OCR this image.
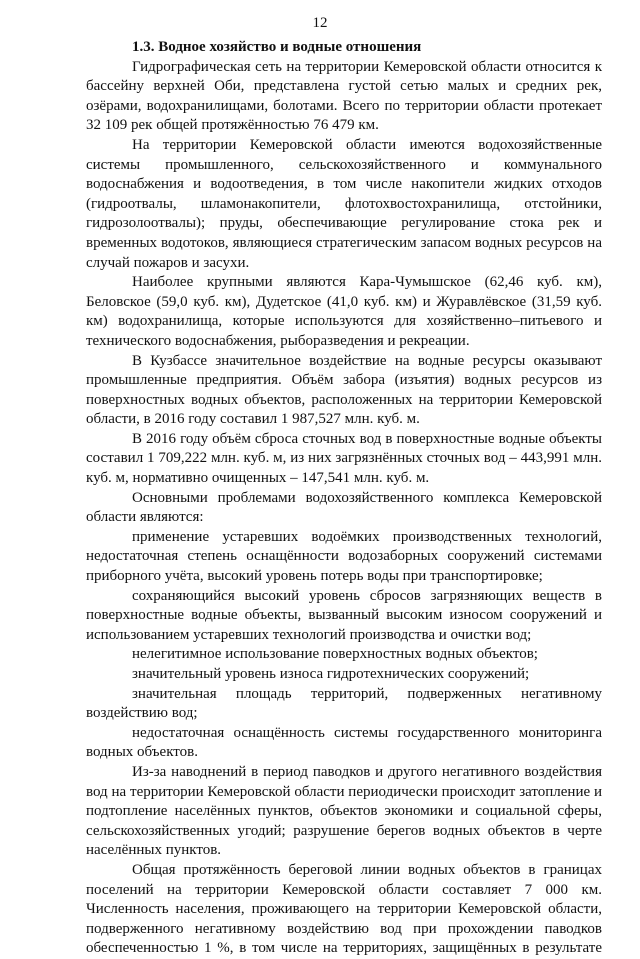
12

1.3. Водное хозяйство и водные отношения

Гидрографическая сеть на территории Кемеровской области относится к бассейну верхней Оби, представлена густой сетью малых и средних рек, озёрами, водохранилищами, болотами. Всего по территории области протекает 32 109 рек общей протяжённостью 76 479 км.

На территории Кемеровской области имеются водохозяйственные системы промышленного, сельскохозяйственного и коммунального водоснабжения и водоотведения, в том числе накопители жидких отходов (гидроотвалы, шламонакопители, флотохвостохранилища, отстойники, гидрозолоотвалы); пруды, обеспечивающие регулирование стока рек и временных водотоков, являющиеся стратегическим запасом водных ресурсов на случай пожаров и засухи.

Наиболее крупными являются Кара-Чумышское (62,46 куб. км), Беловское (59,0 куб. км), Дудетское (41,0 куб. км) и Журавлёвское (31,59 куб. км) водохранилища, которые используются для хозяйственно–питьевого и технического водоснабжения, рыборазведения и рекреации.

В Кузбассе значительное воздействие на водные ресурсы оказывают промышленные предприятия. Объём забора (изъятия) водных ресурсов из поверхностных водных объектов, расположенных на территории Кемеровской области, в 2016 году составил 1 987,527 млн. куб. м.

В 2016 году объём сброса сточных вод в поверхностные водные объекты составил 1 709,222 млн. куб. м, из них загрязнённых сточных вод – 443,991 млн. куб. м, нормативно очищенных – 147,541 млн. куб. м.

Основными проблемами водохозяйственного комплекса Кемеровской области являются:

применение устаревших водоёмких производственных технологий, недостаточная степень оснащённости водозаборных сооружений системами приборного учёта, высокий уровень потерь воды при транспортировке;

сохраняющийся высокий уровень сбросов загрязняющих веществ в поверхностные водные объекты, вызванный высоким износом сооружений и использованием устаревших технологий производства и очистки вод;

нелегитимное использование поверхностных водных объектов;

значительный уровень износа гидротехнических сооружений;

значительная площадь территорий, подверженных негативному воздействию вод;

недостаточная оснащённость системы государственного мониторинга водных объектов.

Из-за наводнений в период паводков и другого негативного воздействия вод на территории Кемеровской области периодически происходит затопление и подтопление населённых пунктов, объектов экономики и социальной сферы, сельскохозяйственных угодий; разрушение берегов водных объектов в черте населённых пунктов.

Общая протяжённость береговой линии водных объектов в границах поселений на территории Кемеровской области составляет 7 000 км. Численность населения, проживающего на территории Кемеровской области, подверженного негативному воздействию вод при прохождении паводков обеспеченностью 1 %, в том числе на территориях, защищённых в результате
